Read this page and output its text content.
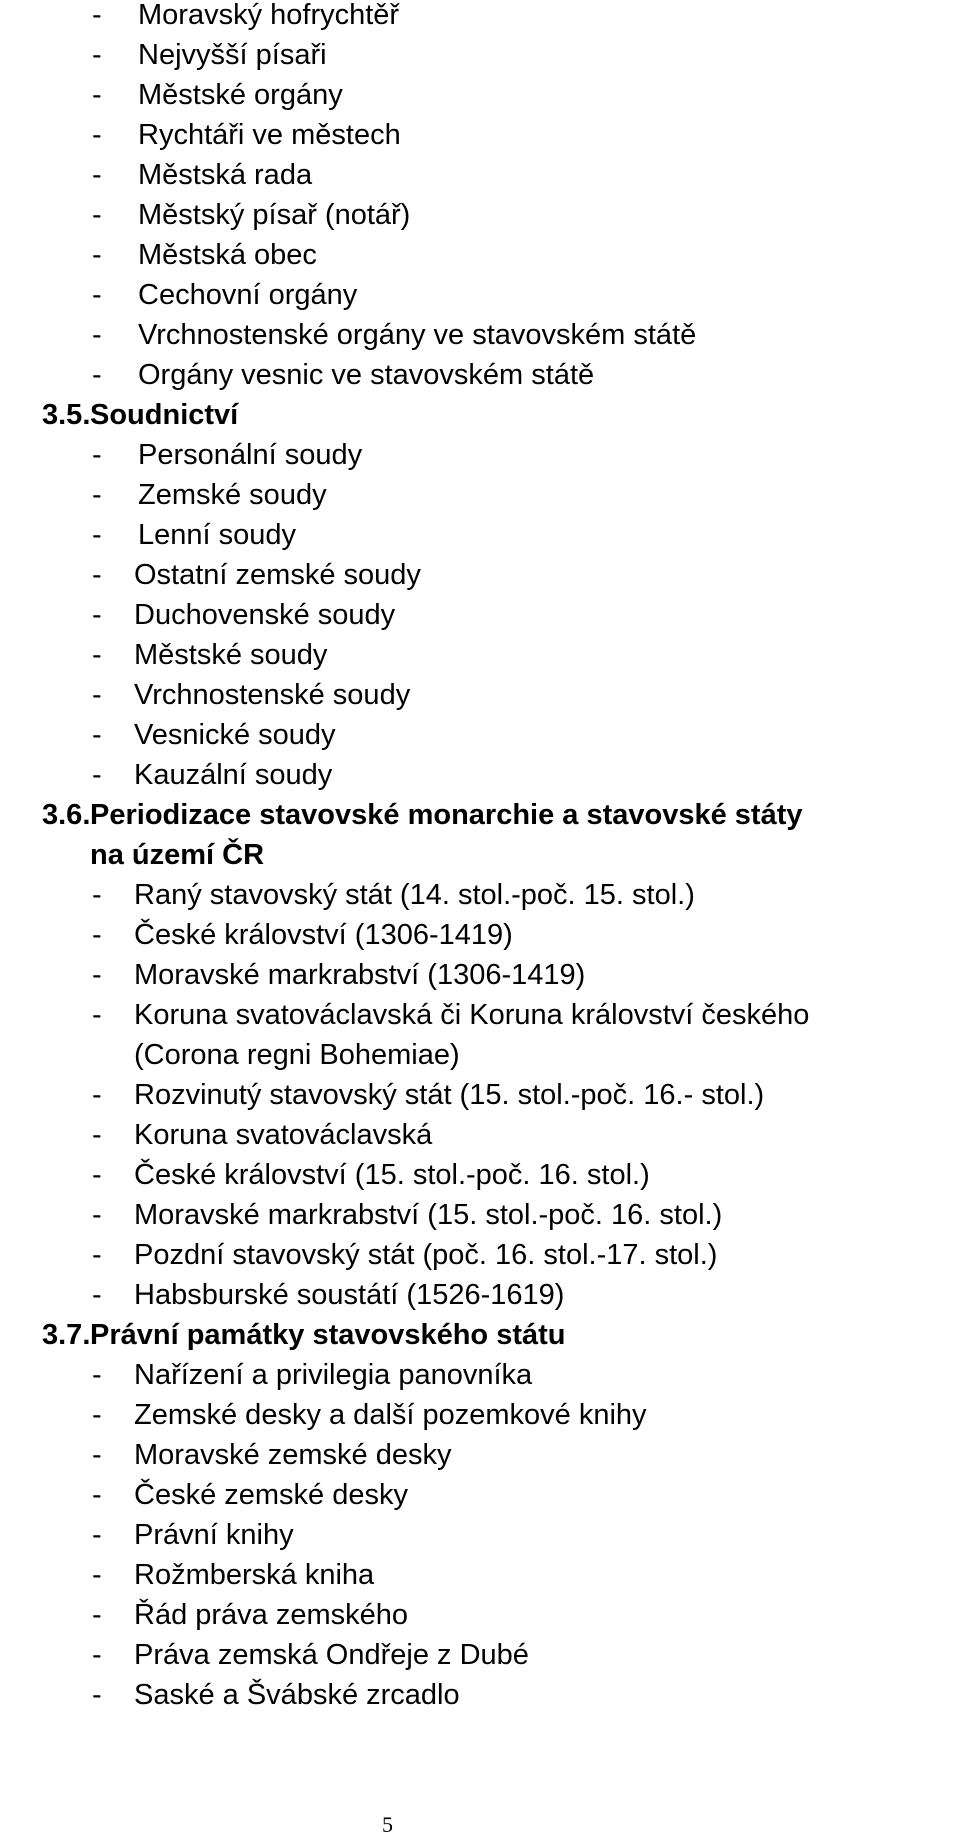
- Moravský hofrychtěř
- Nejvyšší písaři
- Městské orgány
- Rychtáři ve městech
- Městská rada
- Městský písař (notář)
- Městská obec
- Cechovní orgány
- Vrchnostenské orgány ve stavovském státě
- Orgány vesnic ve stavovském státě
3.5. Soudnictví
- Personální soudy
- Zemské soudy
- Lenní soudy
- Ostatní zemské soudy
- Duchovenské soudy
- Městské soudy
- Vrchnostenské soudy
- Vesnické soudy
- Kauzální soudy
3.6. Periodizace stavovské monarchie a stavovské státy
na území ČR
- Raný stavovský stát (14. stol.-poč. 15. stol.)
- České království (1306-1419)
- Moravské markrabství (1306-1419)
- Koruna svatováclavská či Koruna království českého
(Corona regni Bohemiae)
- Rozvinutý stavovský stát (15. stol.-poč. 16.- stol.)
- Koruna svatováclavská
- České království (15. stol.-poč. 16. stol.)
- Moravské markrabství (15. stol.-poč. 16. stol.)
- Pozdní stavovský stát (poč. 16. stol.-17. stol.)
- Habsburské soustátí (1526-1619)
3.7. Právní památky stavovského státu
- Nařízení a privilegia panovníka
- Zemské desky a další pozemkové knihy
- Moravské zemské desky
- České zemské desky
- Právní knihy
- Rožmberská kniha
- Řád práva zemského
- Práva zemská Ondřeje z Dubé
- Saské a Švábské zrcadlo
5
